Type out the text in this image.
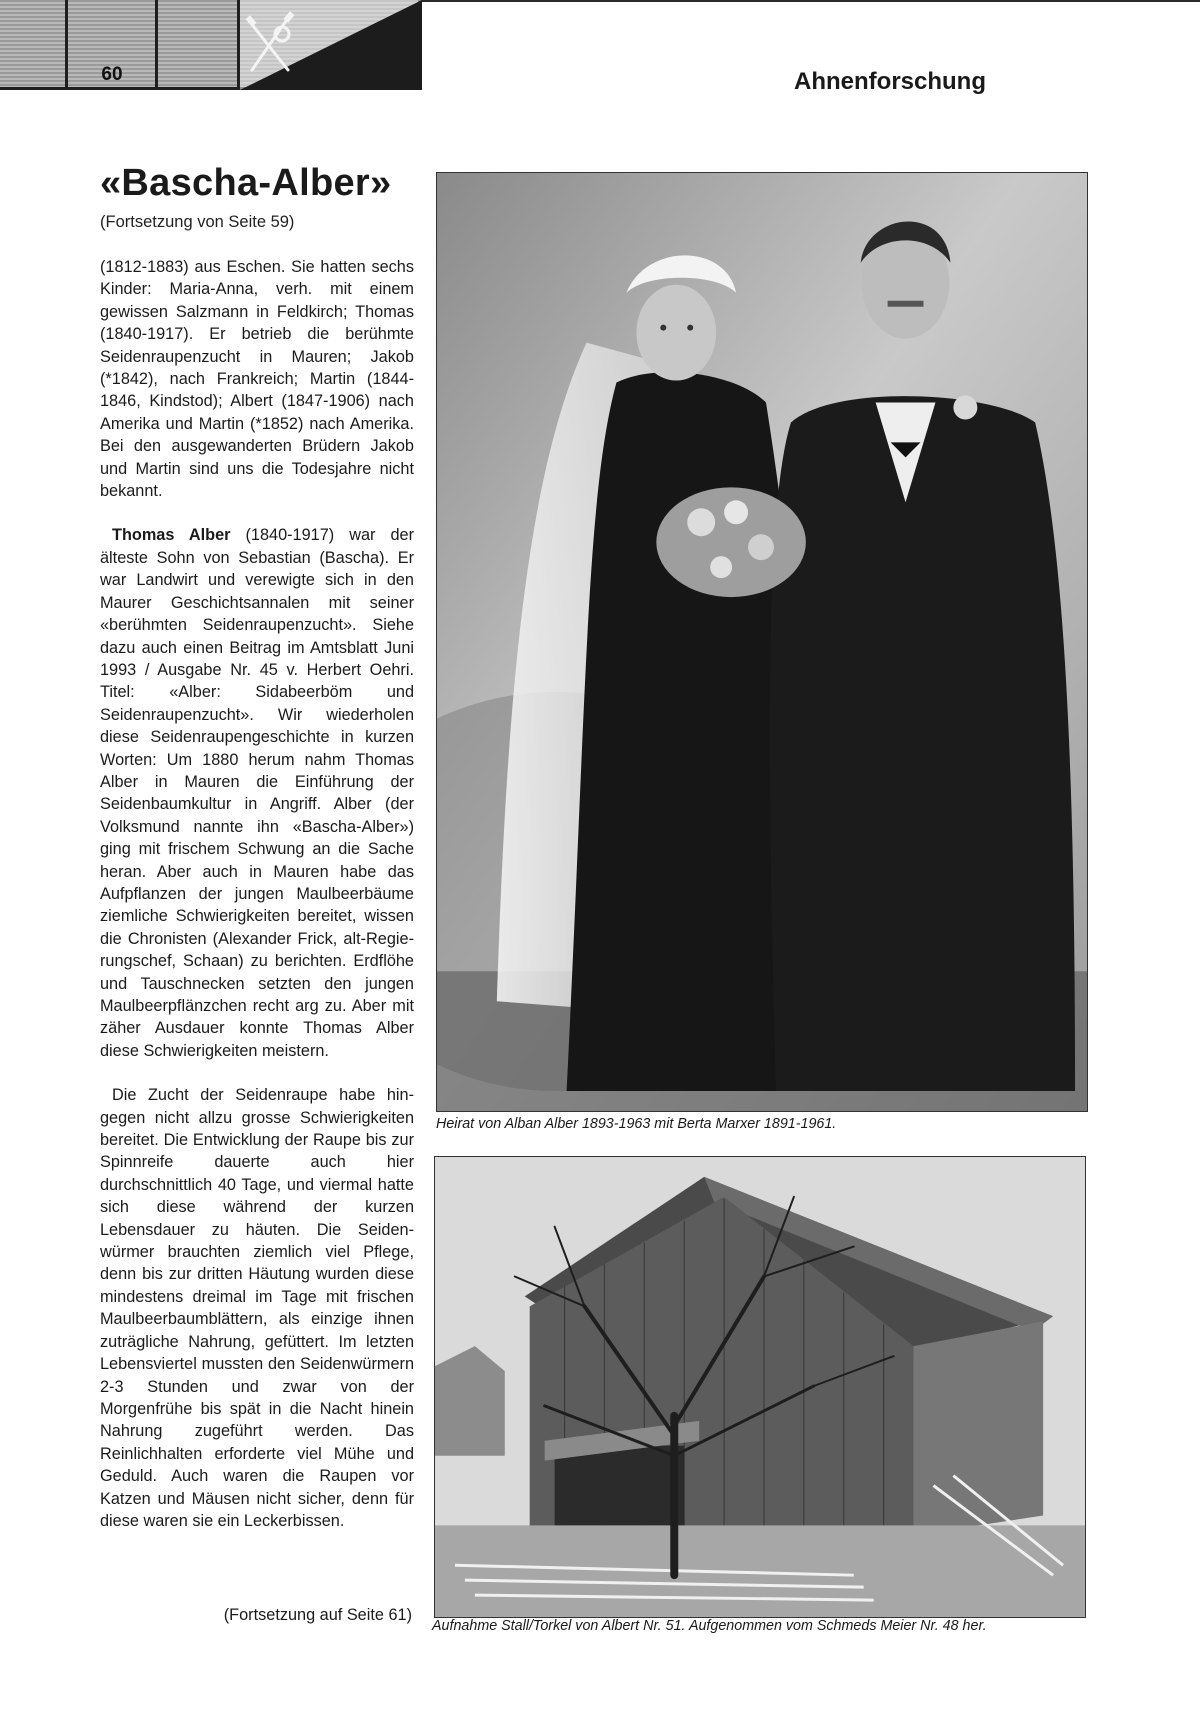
60	Ahnenforschung
«Bascha-Alber»
(Fortsetzung von Seite 59)

(1812-1883) aus Eschen. Sie hatten sechs Kinder: Maria-Anna, verh. mit einem gewissen Salzmann in Feldkirch; Thomas (1840-1917). Er betrieb die berühmte Seidenraupenzucht in Mauren; Jakob (*1842), nach Frankreich; Martin (1844-1846, Kindstod); Albert (1847-1906) nach Amerika und Martin (*1852) nach Amerika. Bei den ausgewanderten Brüdern Jakob und Martin sind uns die Todesjahre nicht bekannt.

Thomas Alber (1840-1917) war der älteste Sohn von Sebastian (Bascha). Er war Landwirt und verewigte sich in den Maurer Geschichtsannalen mit seiner «berühmten Seidenraupenzucht». Siehe dazu auch einen Beitrag im Amtsblatt Juni 1993 / Ausgabe Nr. 45 v. Herbert Oehri. Titel: «Alber: Sidabeerböm und Seidenraupenzucht». Wir wiederholen diese Seidenraupengeschichte in kurzen Worten: Um 1880 herum nahm Thomas Alber in Mauren die Einführung der Seidenbaumkultur in Angriff. Alber (der Volksmund nannte ihn «Bascha-Alber») ging mit frischem Schwung an die Sache heran. Aber auch in Mauren habe das Aufpflanzen der jungen Maulbeerbäume ziemliche Schwierigkeiten bereitet, wissen die Chronisten (Alexander Frick, alt-Regierungschef, Schaan) zu berichten. Erdflöhe und Tauschnecken setzten den jungen Maulbeerpflänzchen recht arg zu. Aber mit zäher Ausdauer konnte Thomas Alber diese Schwierigkeiten meistern.

Die Zucht der Seidenraupe habe hingegen nicht allzu grosse Schwierigkeiten bereitet. Die Entwicklung der Raupe bis zur Spinnreife dauerte auch hier durchschnittlich 40 Tage, und viermal hatte sich diese während der kurzen Lebensdauer zu häuten. Die Seidenwürmer brauchten ziemlich viel Pflege, denn bis zur dritten Häutung wurden diese mindestens dreimal im Tage mit frischen Maulbeerbaumblättern, als einzige ihnen zuträgliche Nahrung, gefüttert. Im letzten Lebensviertel mussten den Seidenwürmern 2-3 Stunden und zwar von der Morgenfrühe bis spät in die Nacht hinein Nahrung zugeführt werden. Das Reinlichhalten erforderte viel Mühe und Geduld. Auch waren die Raupen vor Katzen und Mäusen nicht sicher, denn für diese waren sie ein Leckerbissen.

(Fortsetzung auf Seite 61)
Heirat von Alban Alber 1893-1963 mit Berta Marxer 1891-1961.
Aufnahme Stall/Torkel von Albert Nr. 51. Aufgenommen vom Schmeds Meier Nr. 48 her.
